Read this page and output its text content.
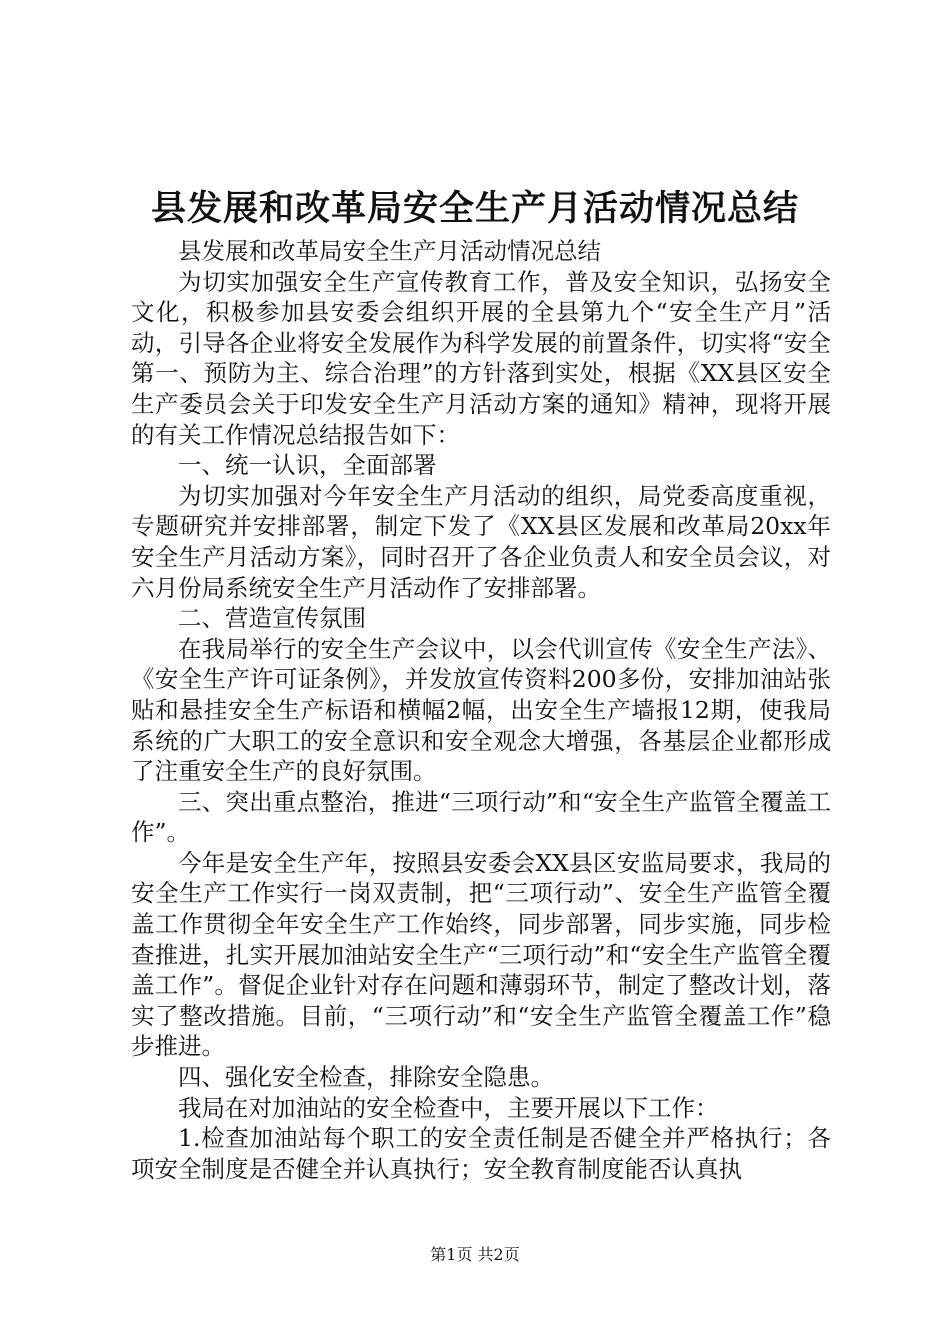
县发展和改革局安全生产月活动情况总结

县发展和改革局安全生产月活动情况总结

为切实加强安全生产宣传教育工作，普及安全知识，弘扬安全文化，积极参加县安委会组织开展的全县第九个“安全生产月”活动，引导各企业将安全发展作为科学发展的前置条件，切实将“安全第一、预防为主、综合治理”的方针落到实处，根据《XX县区安全生产委员会关于印发安全生产月活动方案的通知》精神，现将开展的有关工作情况总结报告如下：

一、统一认识，全面部署

为切实加强对今年安全生产月活动的组织，局党委高度重视，专题研究并安排部署，制定下发了《XX县区发展和改革局20xx年安全生产月活动方案》，同时召开了各企业负责人和安全员会议，对六月份局系统安全生产月活动作了安排部署。

二、营造宣传氛围

在我局举行的安全生产会议中，以会代训宣传《安全生产法》、《安全生产许可证条例》，并发放宣传资料200多份，安排加油站张贴和悬挂安全生产标语和横幅2幅，出安全生产墙报12期，使我局系统的广大职工的安全意识和安全观念大增强，各基层企业都形成了注重安全生产的良好氛围。

三、突出重点整治，推进“三项行动”和“安全生产监管全覆盖工作”。

今年是安全生产年，按照县安委会XX县区安监局要求，我局的安全生产工作实行一岗双责制，把“三项行动”、安全生产监管全覆盖工作贯彻全年安全生产工作始终，同步部署，同步实施，同步检查推进，扎实开展加油站安全生产“三项行动”和“安全生产监管全覆盖工作”。督促企业针对存在问题和薄弱环节，制定了整改计划，落实了整改措施。目前，“三项行动”和“安全生产监管全覆盖工作”稳步推进。

四、强化安全检查，排除安全隐患。

我局在对加油站的安全检查中，主要开展以下工作：

1.检查加油站每个职工的安全责任制是否健全并严格执行；各项安全制度是否健全并认真执行；安全教育制度能否认真执

第1页 共2页
